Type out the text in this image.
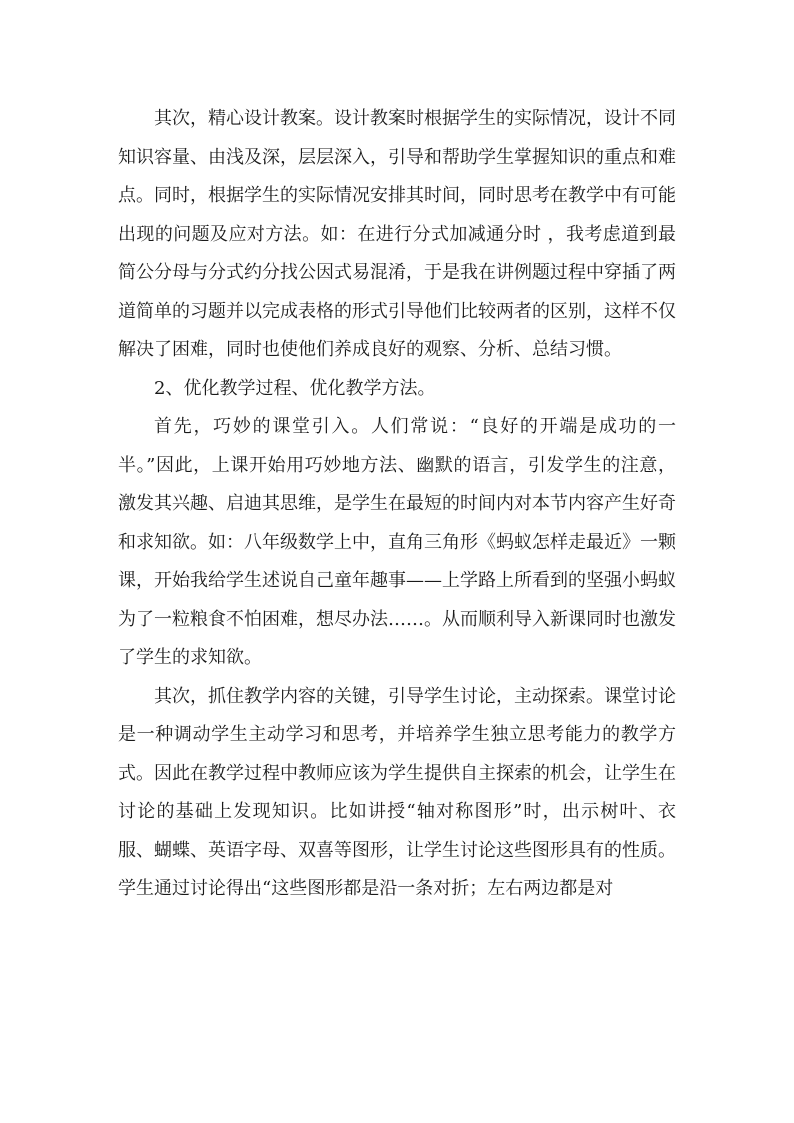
其次，精心设计教案。设计教案时根据学生的实际情况，设计不同知识容量、由浅及深，层层深入，引导和帮助学生掌握知识的重点和难点。同时，根据学生的实际情况安排其时间，同时思考在教学中有可能出现的问题及应对方法。如：在进行分式加减通分时 ，我考虑道到最简公分母与分式约分找公因式易混淆，于是我在讲例题过程中穿插了两道简单的习题并以完成表格的形式引导他们比较两者的区别，这样不仅解决了困难，同时也使他们养成良好的观察、分析、总结习惯。

2、优化教学过程、优化教学方法。

首先，巧妙的课堂引入。人们常说：“良好的开端是成功的一半。”因此，上课开始用巧妙地方法、幽默的语言，引发学生的注意，激发其兴趣、启迪其思维，是学生在最短的时间内对本节内容产生好奇和求知欲。如：八年级数学上中，直角三角形《蚂蚁怎样走最近》一颗课，开始我给学生述说自己童年趣事——上学路上所看到的坚强小蚂蚁为了一粒粮食不怕困难，想尽办法……。从而顺利导入新课同时也激发了学生的求知欲。

其次，抓住教学内容的关键，引导学生讨论，主动探索。课堂讨论是一种调动学生主动学习和思考，并培养学生独立思考能力的教学方式。因此在教学过程中教师应该为学生提供自主探索的机会，让学生在讨论的基础上发现知识。比如讲授“轴对称图形”时，出示树叶、衣服、蝴蝶、英语字母、双喜等图形，让学生讨论这些图形具有的性质。学生通过讨论得出“这些图形都是沿一条对折；左右两边都是对
